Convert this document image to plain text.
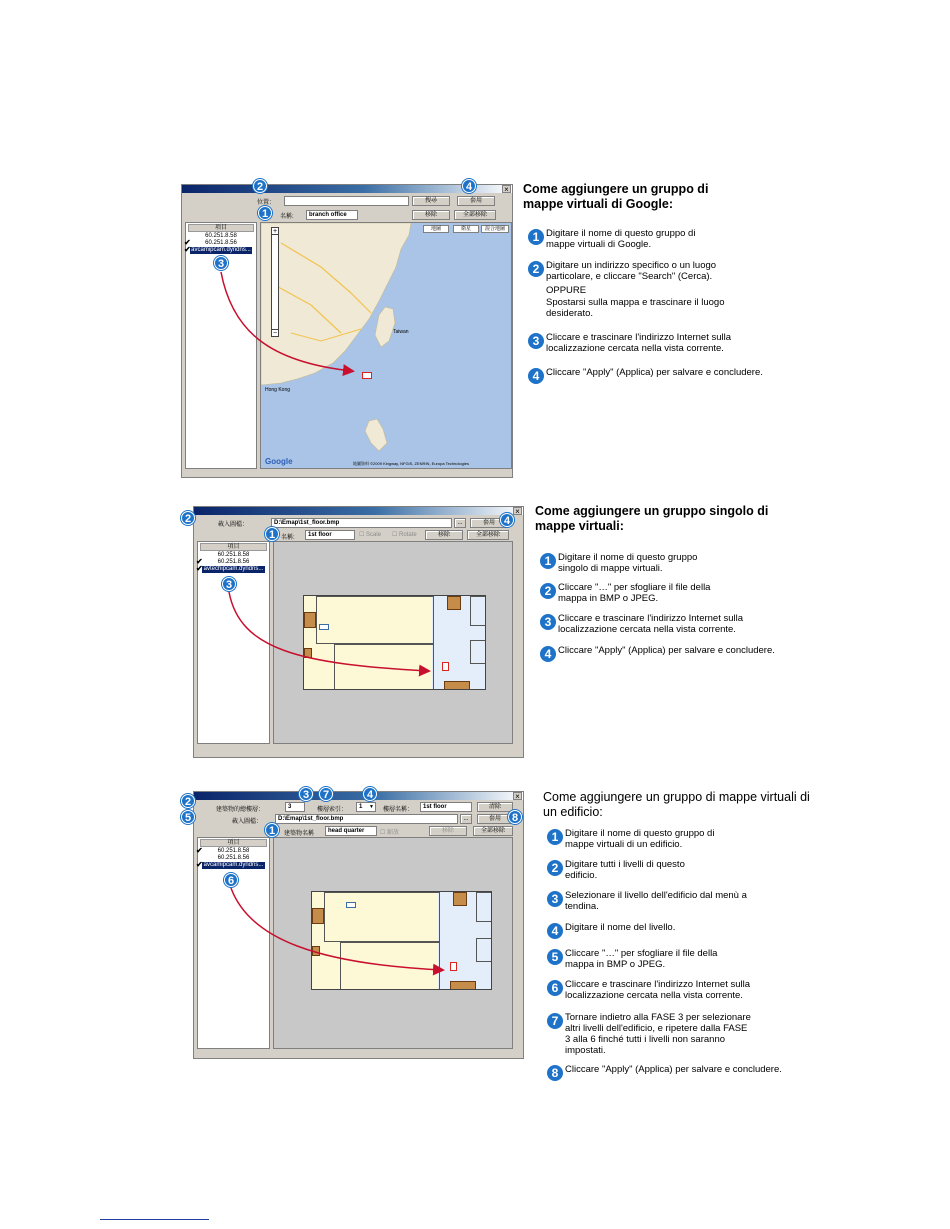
×
位置：	搜尋	套用
名稱:	branch office	移除	全部移除
項目
60.251.8.58
✔ 60.251.8.56
✔ avcamipcam.dyndns...
+
−
地圖	衛星	混合地圖
Hong Kong
Taiwan
Google	地圖資料 ©2009 Kingway, NFGIS, ZENRIN, Europa Technologies
2	4
1
3
Come aggiungere un gruppo di mappe virtuali di Google:
1 Digitare il nome di questo gruppo di mappe virtuali di Google.
2 Digitare un indirizzo specifico o un luogo particolare, e cliccare "Search" (Cerca).
OPPURE
Spostarsi sulla mappa e trascinare il luogo desiderato.
3 Cliccare e trascinare l'indirizzo Internet sulla localizzazione cercata nella vista corrente.
4 Cliccare "Apply" (Applica) per salvare e concludere.
×
載入圖檔：	D:\Emap\1st_floor.bmp	...	套用
名稱:	1st floor	☐ Scale ☐ Rotate	移除	全部移除
項目
60.251.8.58
✔ 60.251.8.56
✔ avtechipcam.dyndns...
2	4
1
3
Come aggiungere un gruppo singolo di mappe virtuali:
1 Digitare il nome di questo gruppo singolo di mappe virtuali.
2 Cliccare "…" per sfogliare il file della mappa in BMP o JPEG.
3 Cliccare e trascinare l'indirizzo Internet sulla localizzazione cercata nella vista corrente.
4 Cliccare "Apply" (Applica) per salvare e concludere.
×
建築物的總樓層：	3	樓層索引：	1 ▼ 樓層名稱：	1st floor	清除
載入圖檔：	D:\Emap\1st_floor.bmp	...	套用
建築物名稱	head quarter	☐ 縮放	移除	全部移除
項目
✔ 60.251.8.58
60.251.8.56
✔ avcamipcam.dyndns...
3	7	4
2
5	8
1
6
Come aggiungere un gruppo di mappe virtuali di un edificio:
1 Digitare il nome di questo gruppo di mappe virtuali di un edificio.
2 Digitare tutti i livelli di questo edificio.
3 Selezionare il livello dell'edificio dal menù a tendina.
4 Digitare il nome del livello.
5 Cliccare "…" per sfogliare il file della mappa in BMP o JPEG.
6 Cliccare e trascinare l'indirizzo Internet sulla localizzazione cercata nella vista corrente.
7 Tornare indietro alla FASE 3 per selezionare altri livelli dell'edificio, e ripetere dalla FASE 3 alla 6 finché tutti i livelli non saranno impostati.
8 Cliccare "Apply" (Applica) per salvare e concludere.
